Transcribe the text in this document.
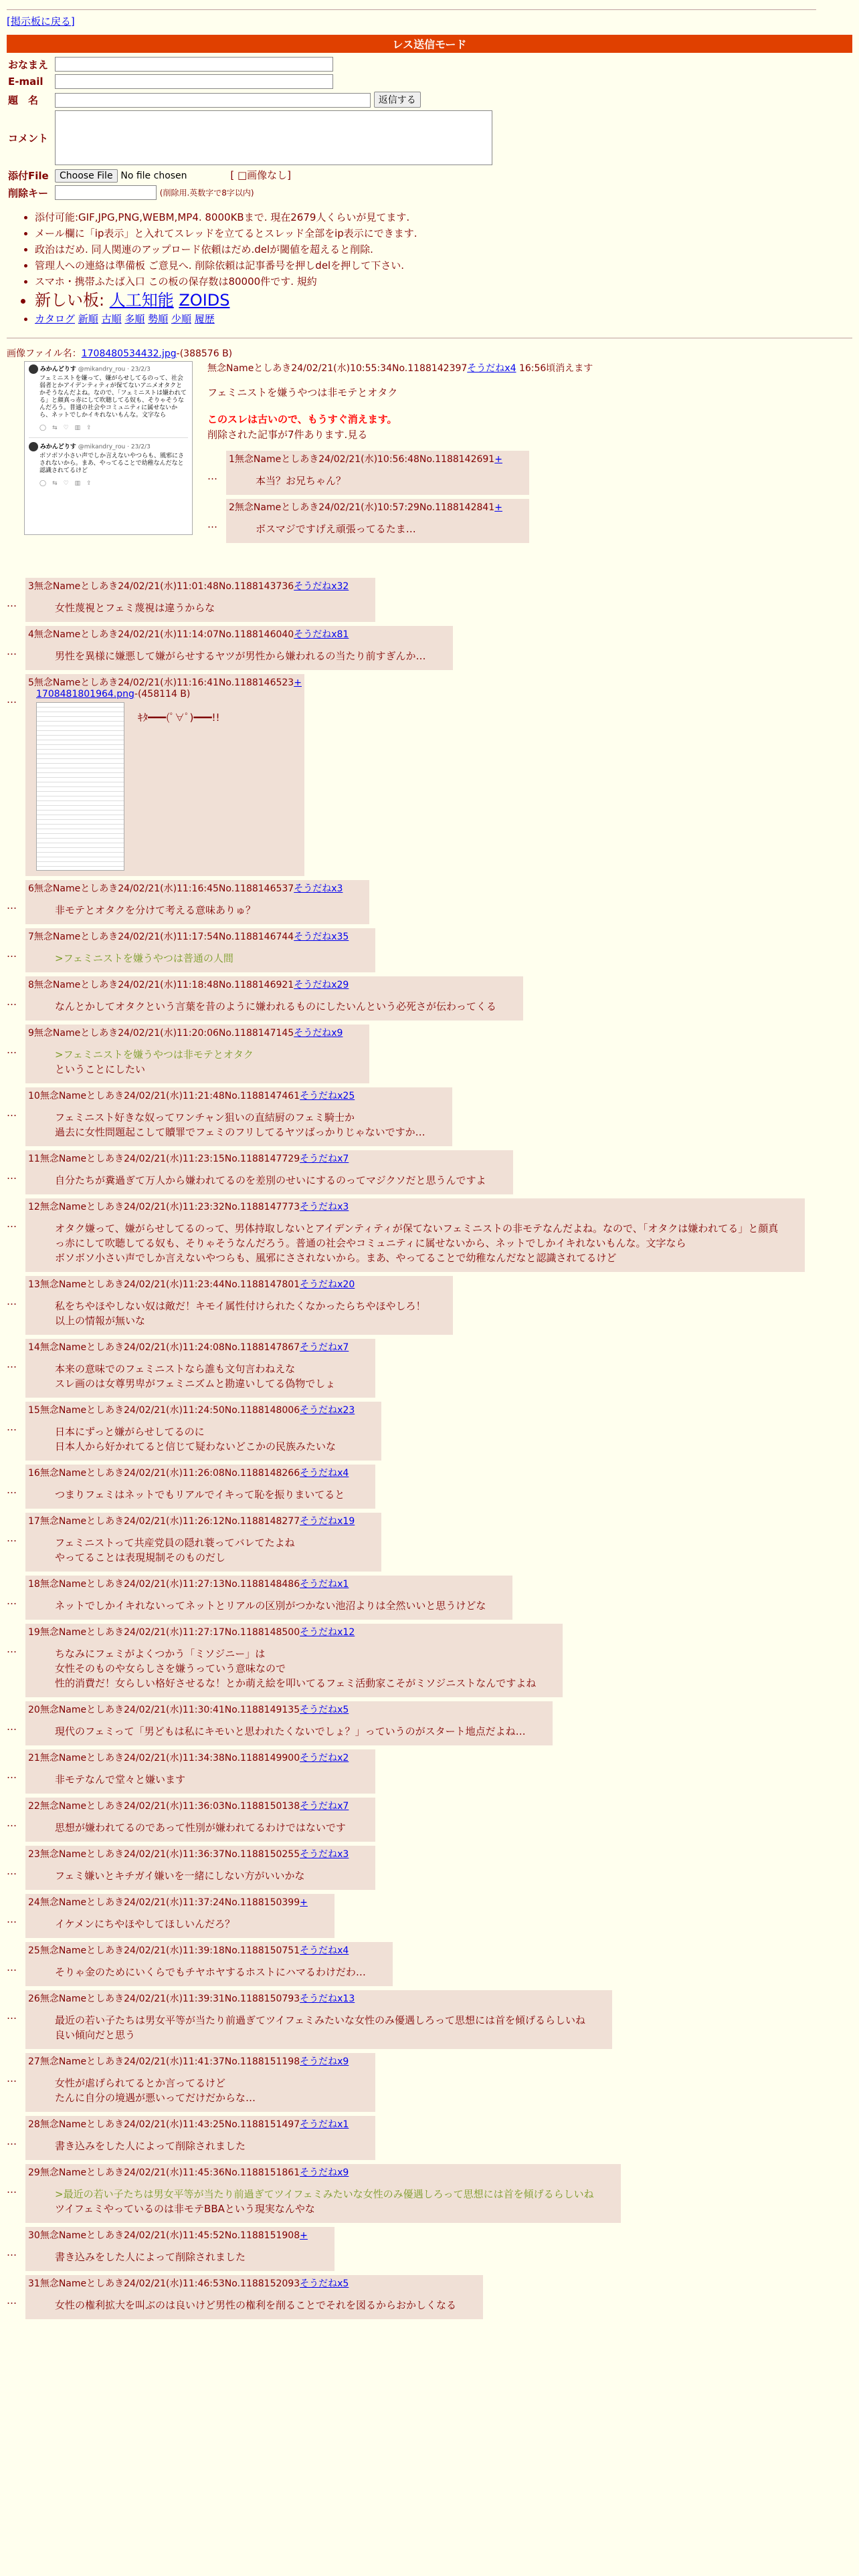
[掲示板に戻る]
レス送信モード
おなまえ	
E-mail	
題　名	返信する
コメント	

添付File	Choose File No file chosen [ □画像なし]
削除キー	(削除用.英数字で8字以内)
• 添付可能:GIF,JPG,PNG,WEBM,MP4. 8000KBまで. 現在2679人くらいが見てます.
• メール欄に「ip表示」と入れてスレッドを立てるとスレッド全部をip表示にできます.
• 政治はだめ. 同人関連のアップロード依頼はだめ.delが閾値を超えると削除.
• 管理人への連絡は準備板 ご意見へ. 削除依頼は記事番号を押しdelを押して下さい.
• スマホ・携帯ふたば入口 この板の保存数は80000件です. 規約
• 新しい板: 人工知能 ZOIDS
• カタログ 新順 古順 多順 勢順 少順 履歴
画像ファイル名：1708480534432.jpg-(388576 B)
みかんどりす @mikandry_rou · 23/2/3
フェミニストを嫌って、嫌がらせしてるのって、社会弱者とかアイデンティティが保てないアニメオタクとかそうなんだよね。なので、「フェミニストは嫌われてる」と顔真っ赤にして吹聴してる奴も、そりゃそうなんだろう。普通の社会やコミュニティに属せないから、ネットでしかイキれないもんな。文字なら
◯　⇆　♡　▥　⇪
みかんどりす @mikandry_rou · 23/2/3
ボソボソ小さい声でしか言えないやつらも、風邪にさされないから。まあ、やってることで幼稚なんだなと認識されてるけど
◯　⇆　♡　▥　⇪
無念Nameとしあき24/02/21(水)10:55:34No.1188142397そうだねx4 16:56頃消えます
フェミニストを嫌うやつは非モテとオタク
このスレは古いので、もうすぐ消えます。
削除された記事が7件あります.見る
…
1無念Nameとしあき24/02/21(水)10:56:48No.1188142691+
本当？お兄ちゃん？
…
2無念Nameとしあき24/02/21(水)10:57:29No.1188142841+
ボスマジですげえ頑張ってるたま…
…
3無念Nameとしあき24/02/21(水)11:01:48No.1188143736そうだねx32
女性蔑視とフェミ蔑視は違うからな
…
4無念Nameとしあき24/02/21(水)11:14:07No.1188146040そうだねx81
男性を異様に嫌悪して嫌がらせするヤツが男性から嫌われるの当たり前すぎんか…
…
5無念Nameとしあき24/02/21(水)11:16:41No.1188146523+
1708481801964.png-(458114 B)
ｷﾀ━━━(ﾟ∀ﾟ)━━━!!
…
6無念Nameとしあき24/02/21(水)11:16:45No.1188146537そうだねx3
非モテとオタクを分けて考える意味ありゅ？
…
7無念Nameとしあき24/02/21(水)11:17:54No.1188146744そうだねx35
>フェミニストを嫌うやつは普通の人間
…
8無念Nameとしあき24/02/21(水)11:18:48No.1188146921そうだねx29
なんとかしてオタクという言葉を昔のように嫌われるものにしたいんという必死さが伝わってくる
…
9無念Nameとしあき24/02/21(水)11:20:06No.1188147145そうだねx9
>フェミニストを嫌うやつは非モテとオタク
ということにしたい
…
10無念Nameとしあき24/02/21(水)11:21:48No.1188147461そうだねx25
フェミニスト好きな奴ってワンチャン狙いの直結厨のフェミ騎士か
過去に女性問題起こして贖罪でフェミのフリしてるヤツばっかりじゃないですか…
…
11無念Nameとしあき24/02/21(水)11:23:15No.1188147729そうだねx7
自分たちが糞過ぎて万人から嫌われてるのを差別のせいにするのってマジクソだと思うんですよ
…
12無念Nameとしあき24/02/21(水)11:23:32No.1188147773そうだねx3
オタク嫌って、嫌がらせしてるのって、男体持取しないとアイデンティティが保てないフェミニストの非モテなんだよね。なので、「オタクは嫌われてる」と顔真
っ赤にして吹聴してる奴も、そりゃそうなんだろう。普通の社会やコミュニティに属せないから、ネットでしかイキれないもんな。文字なら
ボソボソ小さい声でしか言えないやつらも、風邪にさされないから。まあ、やってることで幼稚なんだなと認識されてるけど
…
13無念Nameとしあき24/02/21(水)11:23:44No.1188147801そうだねx20
私をちやほやしない奴は敵だ！キモイ属性付けられたくなかったらちやほやしろ！
以上の情報が無いな
…
14無念Nameとしあき24/02/21(水)11:24:08No.1188147867そうだねx7
本来の意味でのフェミニストなら誰も文句言わねえな
スレ画のは女尊男卑がフェミニズムと勘違いしてる偽物でしょ
…
15無念Nameとしあき24/02/21(水)11:24:50No.1188148006そうだねx23
日本にずっと嫌がらせしてるのに
日本人から好かれてると信じて疑わないどこかの民族みたいな
…
16無念Nameとしあき24/02/21(水)11:26:08No.1188148266そうだねx4
つまりフェミはネットでもリアルでイキって恥を振りまいてると
…
17無念Nameとしあき24/02/21(水)11:26:12No.1188148277そうだねx19
フェミニストって共産党員の隠れ蓑ってバレてたよね
やってることは表現規制そのものだし
…
18無念Nameとしあき24/02/21(水)11:27:13No.1188148486そうだねx1
ネットでしかイキれないってネットとリアルの区別がつかない池沼よりは全然いいと思うけどな
…
19無念Nameとしあき24/02/21(水)11:27:17No.1188148500そうだねx12
ちなみにフェミがよくつかう「ミソジニー」は
女性そのものや女らしさを嫌うっていう意味なので
性的消費だ！女らしい格好させるな！とか萌え絵を叩いてるフェミ活動家こそがミソジニストなんですよね
…
20無念Nameとしあき24/02/21(水)11:30:41No.1188149135そうだねx5
現代のフェミって「男どもは私にキモいと思われたくないでしょ？」っていうのがスタート地点だよね…
…
21無念Nameとしあき24/02/21(水)11:34:38No.1188149900そうだねx2
非モテなんで堂々と嫌います
…
22無念Nameとしあき24/02/21(水)11:36:03No.1188150138そうだねx7
思想が嫌われてるのであって性別が嫌われてるわけではないです
…
23無念Nameとしあき24/02/21(水)11:36:37No.1188150255そうだねx3
フェミ嫌いとキチガイ嫌いを一緒にしない方がいいかな
…
24無念Nameとしあき24/02/21(水)11:37:24No.1188150399+
イケメンにちやほやしてほしいんだろ？
…
25無念Nameとしあき24/02/21(水)11:39:18No.1188150751そうだねx4
そりゃ金のためにいくらでもチヤホヤするホストにハマるわけだわ…
…
26無念Nameとしあき24/02/21(水)11:39:31No.1188150793そうだねx13
最近の若い子たちは男女平等が当たり前過ぎてツイフェミみたいな女性のみ優遇しろって思想には首を傾げるらしいね
良い傾向だと思う
…
27無念Nameとしあき24/02/21(水)11:41:37No.1188151198そうだねx9
女性が虐げられてるとか言ってるけど
たんに自分の境遇が悪いってだけだからな…
…
28無念Nameとしあき24/02/21(水)11:43:25No.1188151497そうだねx1
書き込みをした人によって削除されました
…
29無念Nameとしあき24/02/21(水)11:45:36No.1188151861そうだねx9
>最近の若い子たちは男女平等が当たり前過ぎてツイフェミみたいな女性のみ優遇しろって思想には首を傾げるらしいね
ツイフェミやっているのは非モテBBAという現実なんやな
…
30無念Nameとしあき24/02/21(水)11:45:52No.1188151908+
書き込みをした人によって削除されました
…
31無念Nameとしあき24/02/21(水)11:46:53No.1188152093そうだねx5
女性の権利拡大を叫ぶのは良いけど男性の権利を削ることでそれを図るからおかしくなる
